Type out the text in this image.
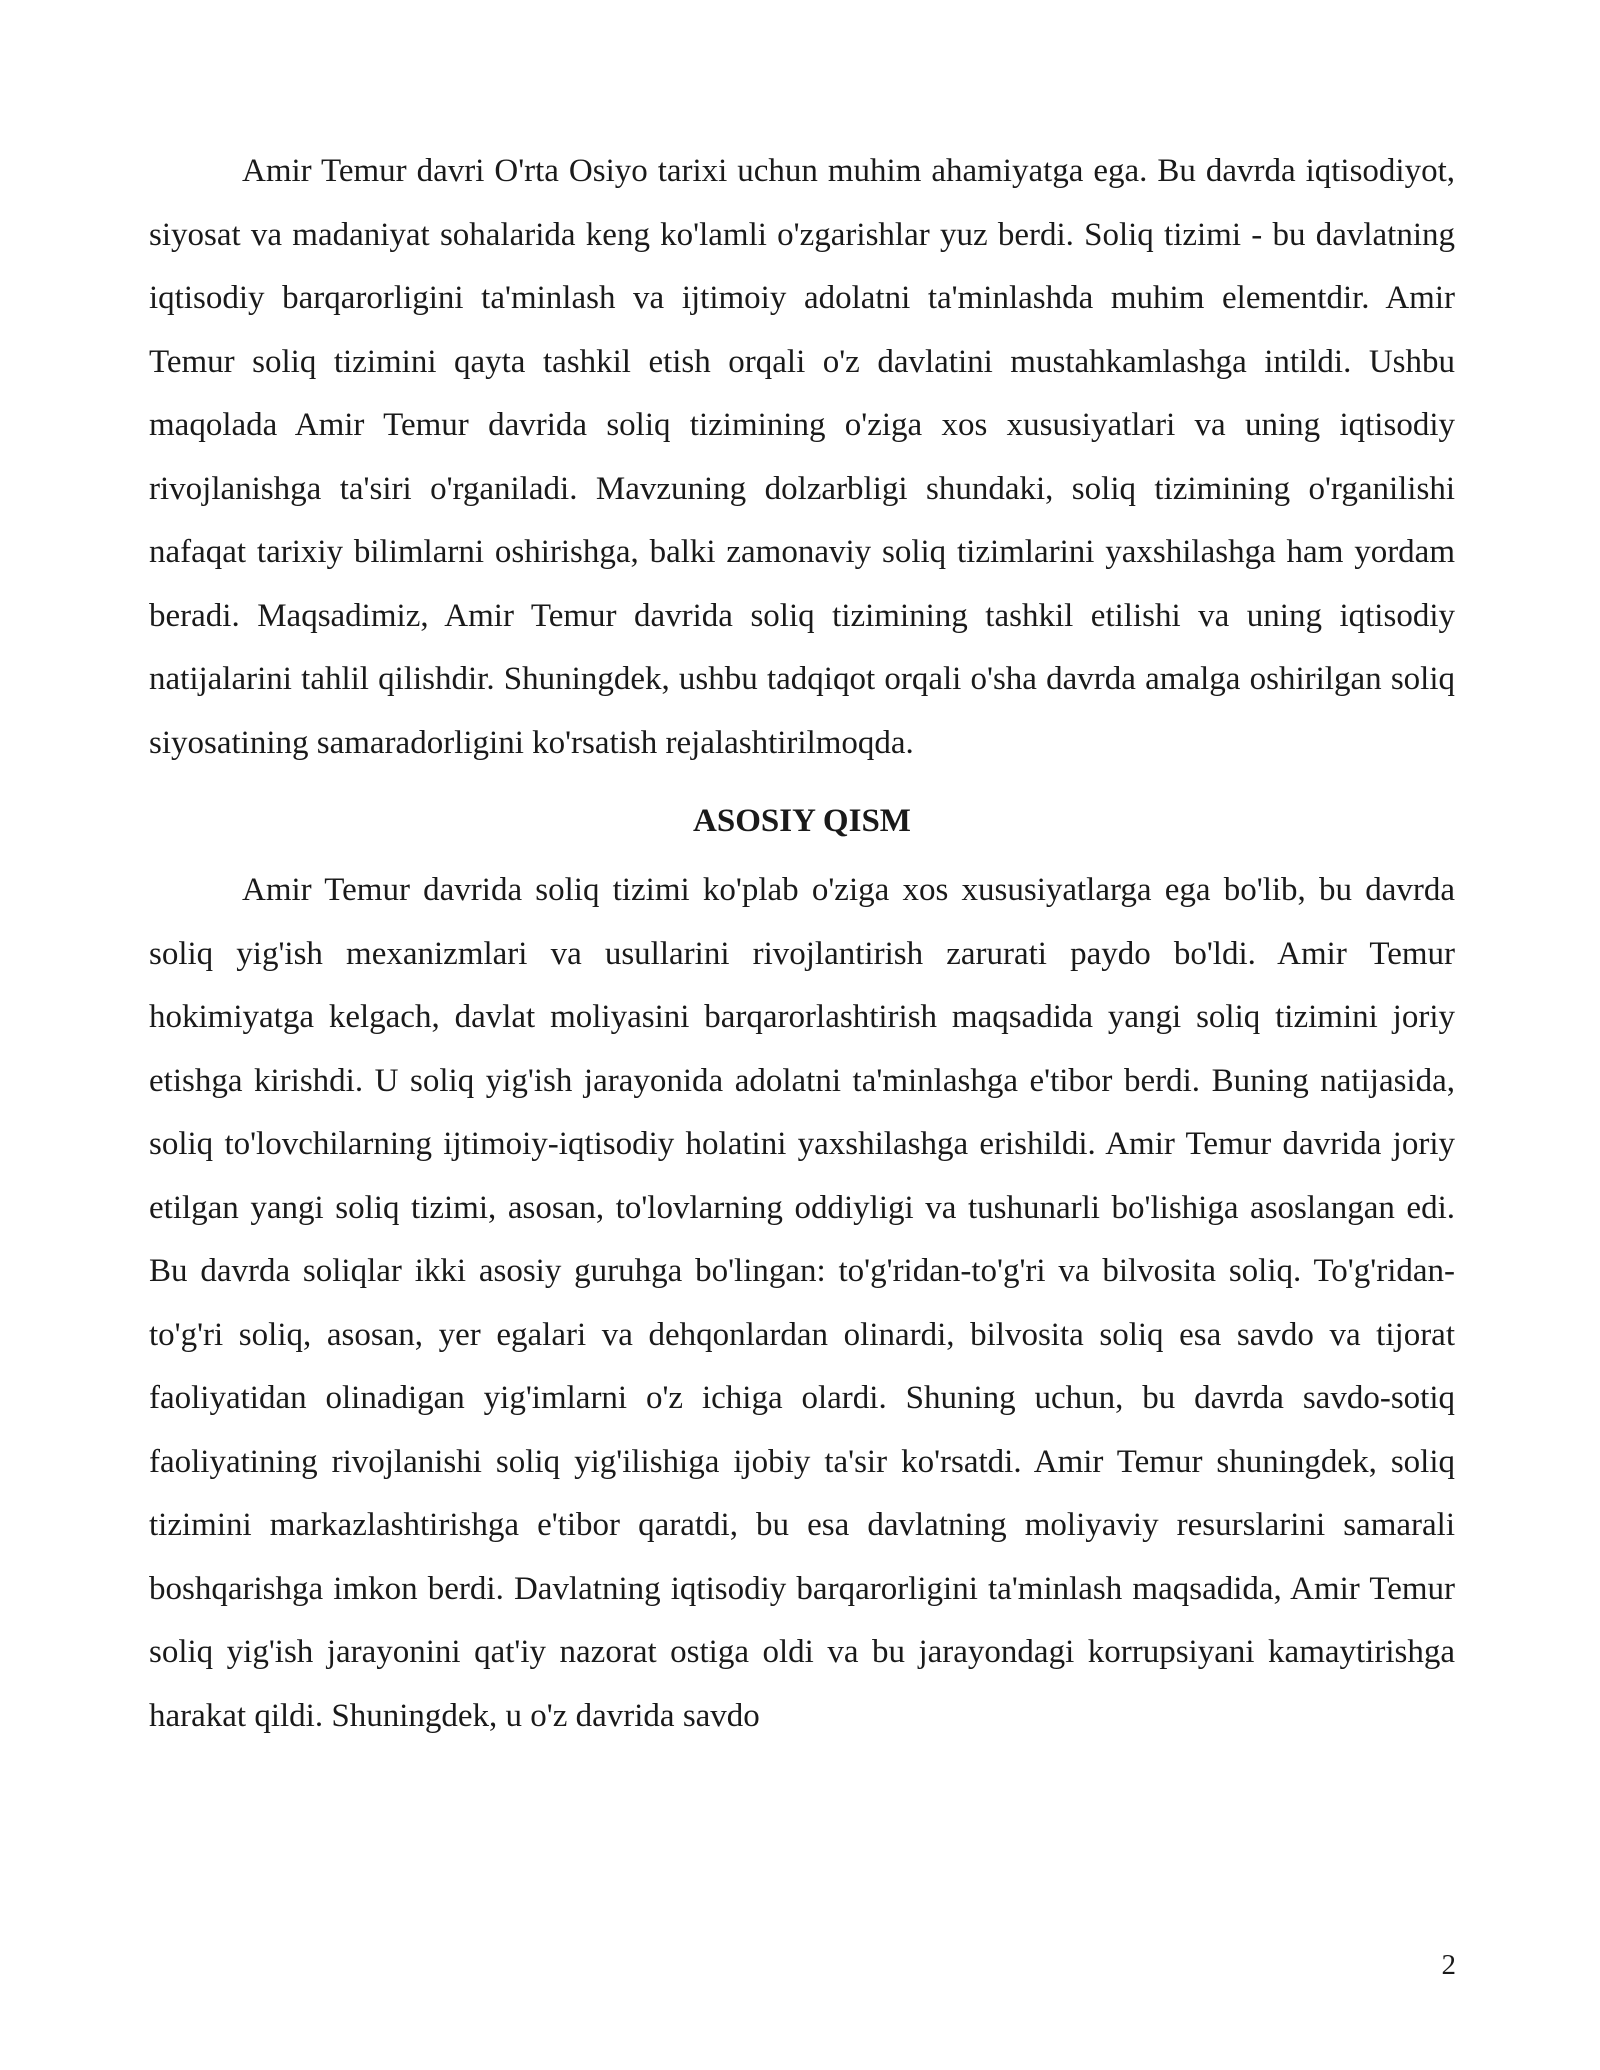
Amir Temur davri O'rta Osiyo tarixi uchun muhim ahamiyatga ega. Bu davrda iqtisodiyot, siyosat va madaniyat sohalarida keng ko'lamli o'zgarishlar yuz berdi. Soliq tizimi - bu davlatning iqtisodiy barqarorligini ta'minlash va ijtimoiy adolatni ta'minlashda muhim elementdir. Amir Temur soliq tizimini qayta tashkil etish orqali o'z davlatini mustahkamlashga intildi. Ushbu maqolada Amir Temur davrida soliq tizimining o'ziga xos xususiyatlari va uning iqtisodiy rivojlanishga ta'siri o'rganiladi. Mavzuning dolzarbligi shundaki, soliq tizimining o'rganilishi nafaqat tarixiy bilimlarni oshirishga, balki zamonaviy soliq tizimlarini yaxshilashga ham yordam beradi. Maqsadimiz, Amir Temur davrida soliq tizimining tashkil etilishi va uning iqtisodiy natijalarini tahlil qilishdir. Shuningdek, ushbu tadqiqot orqali o'sha davrda amalga oshirilgan soliq siyosatining samaradorligini ko'rsatish rejalashtirilmoqda.

ASOSIY QISM

Amir Temur davrida soliq tizimi ko'plab o'ziga xos xususiyatlarga ega bo'lib, bu davrda soliq yig'ish mexanizmlari va usullarini rivojlantirish zarurati paydo bo'ldi. Amir Temur hokimiyatga kelgach, davlat moliyasini barqarorlashtirish maqsadida yangi soliq tizimini joriy etishga kirishdi. U soliq yig'ish jarayonida adolatni ta'minlashga e'tibor berdi. Buning natijasida, soliq to'lovchilarning ijtimoiy-iqtisodiy holatini yaxshilashga erishildi. Amir Temur davrida joriy etilgan yangi soliq tizimi, asosan, to'lovlarning oddiyligi va tushunarli bo'lishiga asoslangan edi. Bu davrda soliqlar ikki asosiy guruhga bo'lingan: to'g'ridan-to'g'ri va bilvosita soliq. To'g'ridan-to'g'ri soliq, asosan, yer egalari va dehqonlardan olinardi, bilvosita soliq esa savdo va tijorat faoliyatidan olinadigan yig'imlarni o'z ichiga olardi. Shuning uchun, bu davrda savdo-sotiq faoliyatining rivojlanishi soliq yig'ilishiga ijobiy ta'sir ko'rsatdi. Amir Temur shuningdek, soliq tizimini markazlashtirishga e'tibor qaratdi, bu esa davlatning moliyaviy resurslarini samarali boshqarishga imkon berdi. Davlatning iqtisodiy barqarorligini ta'minlash maqsadida, Amir Temur soliq yig'ish jarayonini qat'iy nazorat ostiga oldi va bu jarayondagi korrupsiyani kamaytirishga harakat qildi. Shuningdek, u o'z davrida savdo

2
